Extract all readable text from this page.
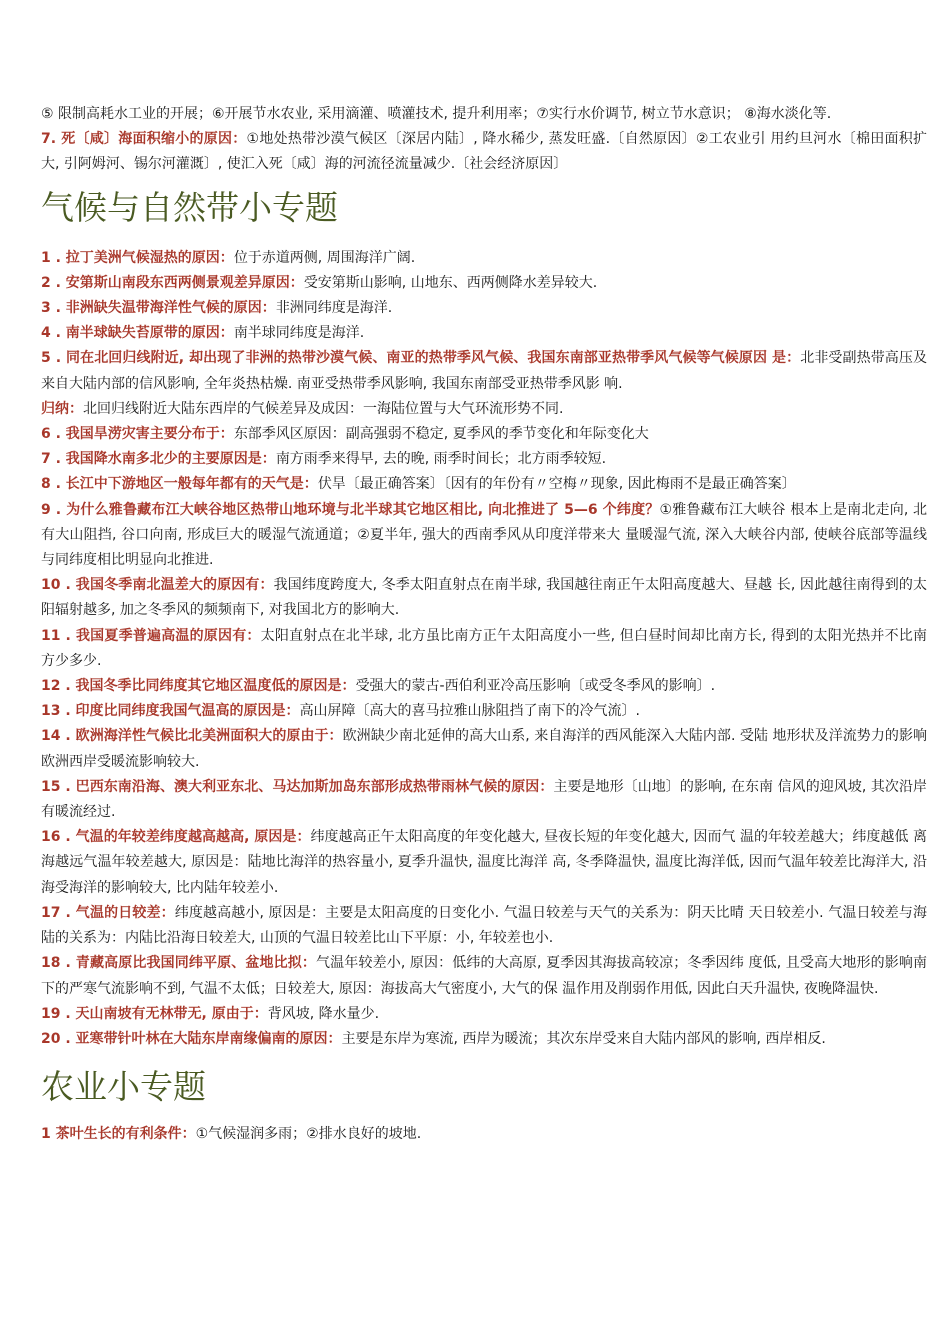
⑤ 限制高耗水工业的开展；⑥开展节水农业, 采用滴灌、喷灌技术, 提升利用率；⑦实行水价调节, 树立节水意识； ⑧海水淡化等.

7. 死〔咸〕海面积缩小的原因：①地处热带沙漠气候区〔深居内陆〕, 降水稀少, 蒸发旺盛.〔自然原因〕②工农业引 用约旦河水〔棉田面积扩大, 引阿姆河、锡尔河灌溉〕, 使汇入死〔咸〕海的河流径流量减少.〔社会经济原因〕

气候与自然带小专题

1 . 拉丁美洲气候湿热的原因：位于赤道两侧, 周围海洋广阔.

2 . 安第斯山南段东西两侧景观差异原因：受安第斯山影响, 山地东、西两侧降水差异较大.

3 . 非洲缺失温带海洋性气候的原因：非洲同纬度是海洋.

4 . 南半球缺失苔原带的原因：南半球同纬度是海洋.

5 . 同在北回归线附近, 却出现了非洲的热带沙漠气候、南亚的热带季风气候、我国东南部亚热带季风气候等气候原因 是：北非受副热带高压及来自大陆内部的信风影响, 全年炎热枯燥. 南亚受热带季风影响, 我国东南部受亚热带季风影 响.

归纳：北回归线附近大陆东西岸的气候差异及成因：一海陆位置与大气环流形势不同.

6 . 我国旱涝灾害主要分布于：东部季风区原因：副高强弱不稳定, 夏季风的季节变化和年际变化大

7 . 我国降水南多北少的主要原因是：南方雨季来得早, 去的晚, 雨季时间长；北方雨季较短.

8 . 长江中下游地区一般每年都有的天气是：伏旱〔最正确答案〕〔因有的年份有〃空梅〃现象, 因此梅雨不是最正确答案〕

9 . 为什么雅鲁藏布江大峡谷地区热带山地环境与北半球其它地区相比, 向北推进了 5—6 个纬度？①雅鲁藏布江大峡谷 根本上是南北走向, 北有大山阻挡, 谷口向南, 形成巨大的暖湿气流通道；②夏半年, 强大的西南季风从印度洋带来大 量暖湿气流, 深入大峡谷内部, 使峡谷底部等温线与同纬度相比明显向北推进.

10 . 我国冬季南北温差大的原因有：我国纬度跨度大, 冬季太阳直射点在南半球, 我国越往南正午太阳高度越大、昼越 长, 因此越往南得到的太阳辐射越多, 加之冬季风的频频南下, 对我国北方的影响大.

11 . 我国夏季普遍高温的原因有：太阳直射点在北半球, 北方虽比南方正午太阳高度小一些, 但白昼时间却比南方长, 得到的太阳光热并不比南方少多少.

12 . 我国冬季比同纬度其它地区温度低的原因是：受强大的蒙古-西伯利亚冷高压影响〔或受冬季风的影响〕.

13 . 印度比同纬度我国气温高的原因是：高山屏障〔高大的喜马拉雅山脉阻挡了南下的冷气流〕.

14 . 欧洲海洋性气候比北美洲面积大的原由于：欧洲缺少南北延伸的高大山系, 来自海洋的西风能深入大陆内部. 受陆 地形状及洋流势力的影响欧洲西岸受暖流影响较大.

15 . 巴西东南沿海、澳大利亚东北、马达加斯加岛东部形成热带雨林气候的原因：主要是地形〔山地〕的影响, 在东南 信风的迎风坡, 其次沿岸有暖流经过.

16 . 气温的年较差纬度越高越高, 原因是：纬度越高正午太阳高度的年变化越大, 昼夜长短的年变化越大, 因而气 温的年较差越大；纬度越低 离海越远气温年较差越大, 原因是：陆地比海洋的热容量小, 夏季升温快, 温度比海洋 高, 冬季降温快, 温度比海洋低, 因而气温年较差比海洋大, 沿海受海洋的影响较大, 比内陆年较差小.

17 . 气温的日较差：纬度越高越小, 原因是：主要是太阳高度的日变化小. 气温日较差与天气的关系为：阴天比晴 天日较差小. 气温日较差与海陆的关系为：内陆比沿海日较差大, 山顶的气温日较差比山下平原：小, 年较差也小.

18 . 青藏高原比我国同纬平原、盆地比拟：气温年较差小, 原因：低纬的大高原, 夏季因其海拔高较凉；冬季因纬 度低, 且受高大地形的影响南下的严寒气流影响不到, 气温不太低；日较差大, 原因：海拔高大气密度小, 大气的保 温作用及削弱作用低, 因此白天升温快, 夜晚降温快.

19 . 天山南坡有无林带无, 原由于：背风坡, 降水量少.

20 . 亚寒带针叶林在大陆东岸南缘偏南的原因：主要是东岸为寒流, 西岸为暖流；其次东岸受来自大陆内部风的影响, 西岸相反.

农业小专题

1 茶叶生长的有利条件：①气候湿润多雨；②排水良好的坡地.
